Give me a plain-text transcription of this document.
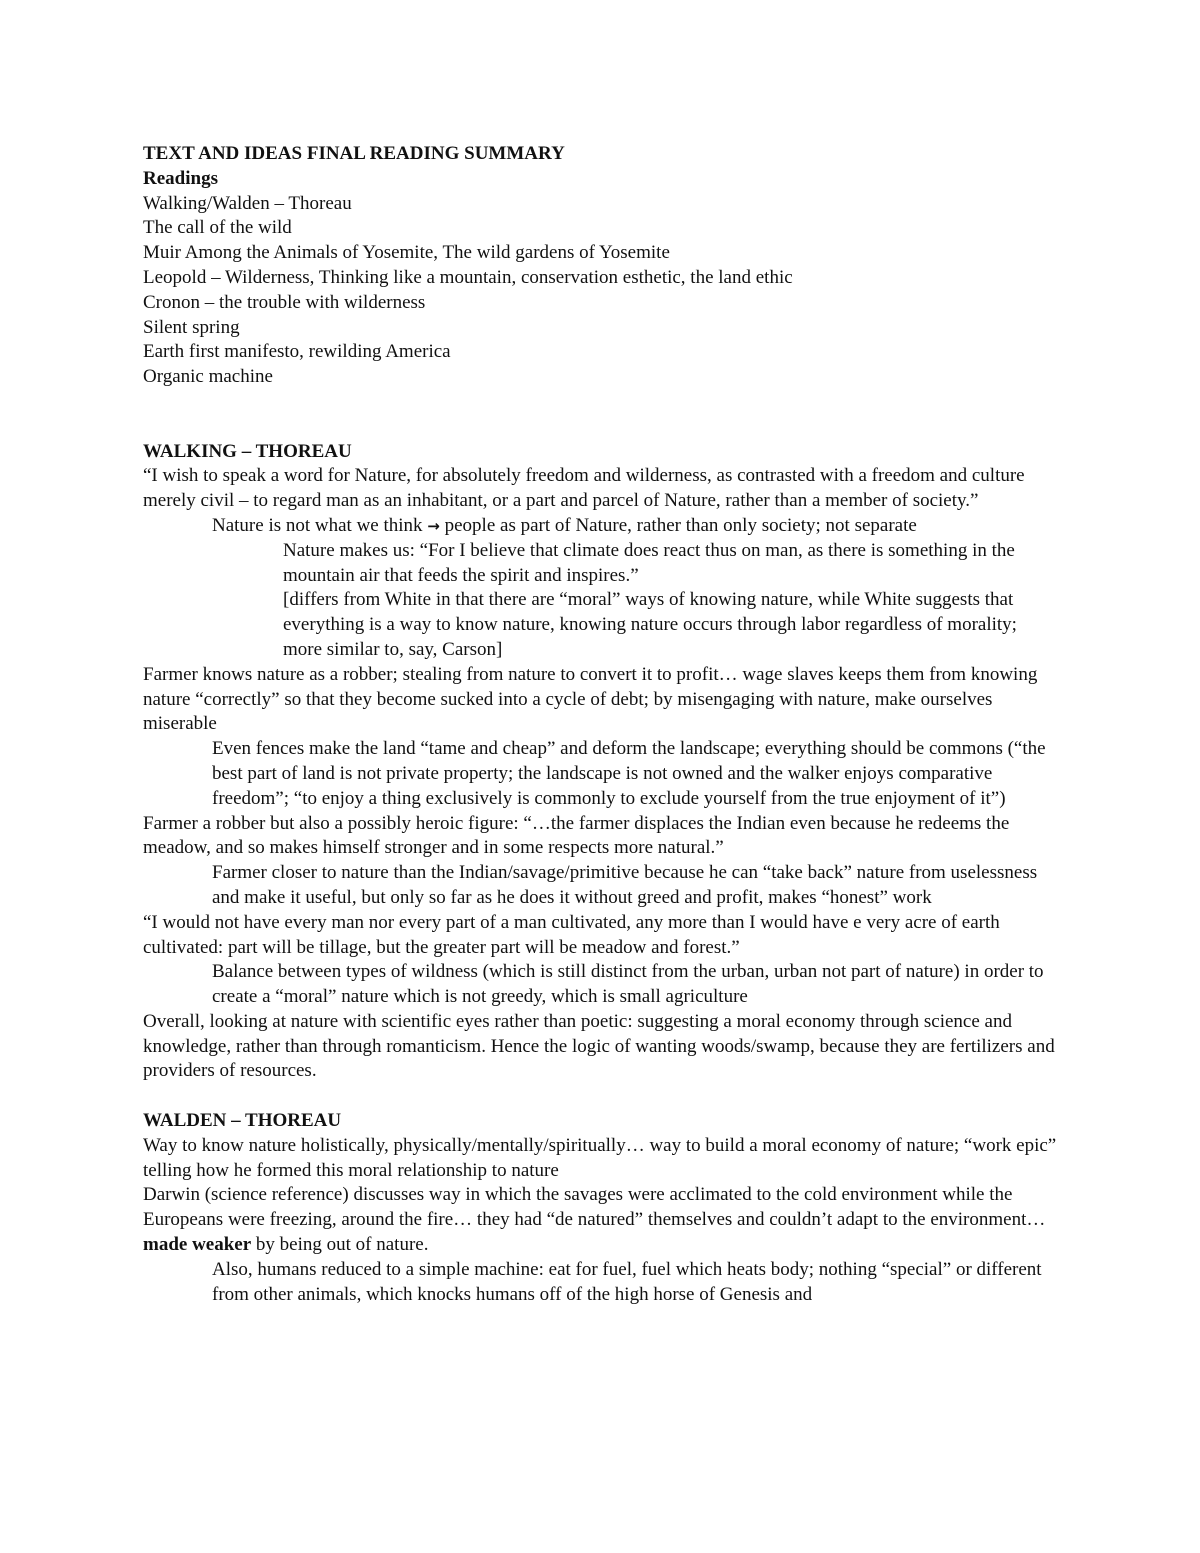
TEXT AND IDEAS FINAL READING SUMMARY

Readings

Walking/Walden – Thoreau

The call of the wild

Muir Among the Animals of Yosemite, The wild gardens of Yosemite

Leopold – Wilderness, Thinking like a mountain, conservation esthetic, the land ethic

Cronon – the trouble with wilderness

Silent spring

Earth first manifesto, rewilding America

Organic machine

WALKING – THOREAU

“I wish to speak a word for Nature, for absolutely freedom and wilderness, as contrasted with a freedom and culture merely civil – to regard man as an inhabitant, or a part and parcel of Nature, rather than a member of society.”

Nature is not what we think → people as part of Nature, rather than only society; not separate

Nature makes us: “For I believe that climate does react thus on man, as there is something in the mountain air that feeds the spirit and inspires.”

[differs from White in that there are “moral” ways of knowing nature, while White suggests that everything is a way to know nature, knowing nature occurs through labor regardless of morality; more similar to, say, Carson]

Farmer knows nature as a robber; stealing from nature to convert it to profit… wage slaves keeps them from knowing nature “correctly” so that they become sucked into a cycle of debt; by misengaging with nature, make ourselves miserable

Even fences make the land “tame and cheap” and deform the landscape; everything should be commons (“the best part of land is not private property; the landscape is not owned and the walker enjoys comparative freedom”; “to enjoy a thing exclusively is commonly to exclude yourself from the true enjoyment of it”)

Farmer a robber but also a possibly heroic figure: “…the farmer displaces the Indian even because he redeems the meadow, and so makes himself stronger and in some respects more natural.”

Farmer closer to nature than the Indian/savage/primitive because he can “take back” nature from uselessness and make it useful, but only so far as he does it without greed and profit, makes “honest” work

“I would not have every man nor every part of a man cultivated, any more than I would have e very acre of earth cultivated: part will be tillage, but the greater part will be meadow and forest.”

Balance between types of wildness (which is still distinct from the urban, urban not part of nature) in order to create a “moral” nature which is not greedy, which is small agriculture

Overall, looking at nature with scientific eyes rather than poetic: suggesting a moral economy through science and knowledge, rather than through romanticism. Hence the logic of wanting woods/swamp, because they are fertilizers and providers of resources.

WALDEN – THOREAU

Way to know nature holistically, physically/mentally/spiritually… way to build a moral economy of nature; “work epic” telling how he formed this moral relationship to nature

Darwin (science reference) discusses way in which the savages were acclimated to the cold environment while the Europeans were freezing, around the fire… they had “de natured” themselves and couldn’t adapt to the environment… made weaker by being out of nature.

Also, humans reduced to a simple machine: eat for fuel, fuel which heats body; nothing “special” or different from other animals, which knocks humans off of the high horse of Genesis and
